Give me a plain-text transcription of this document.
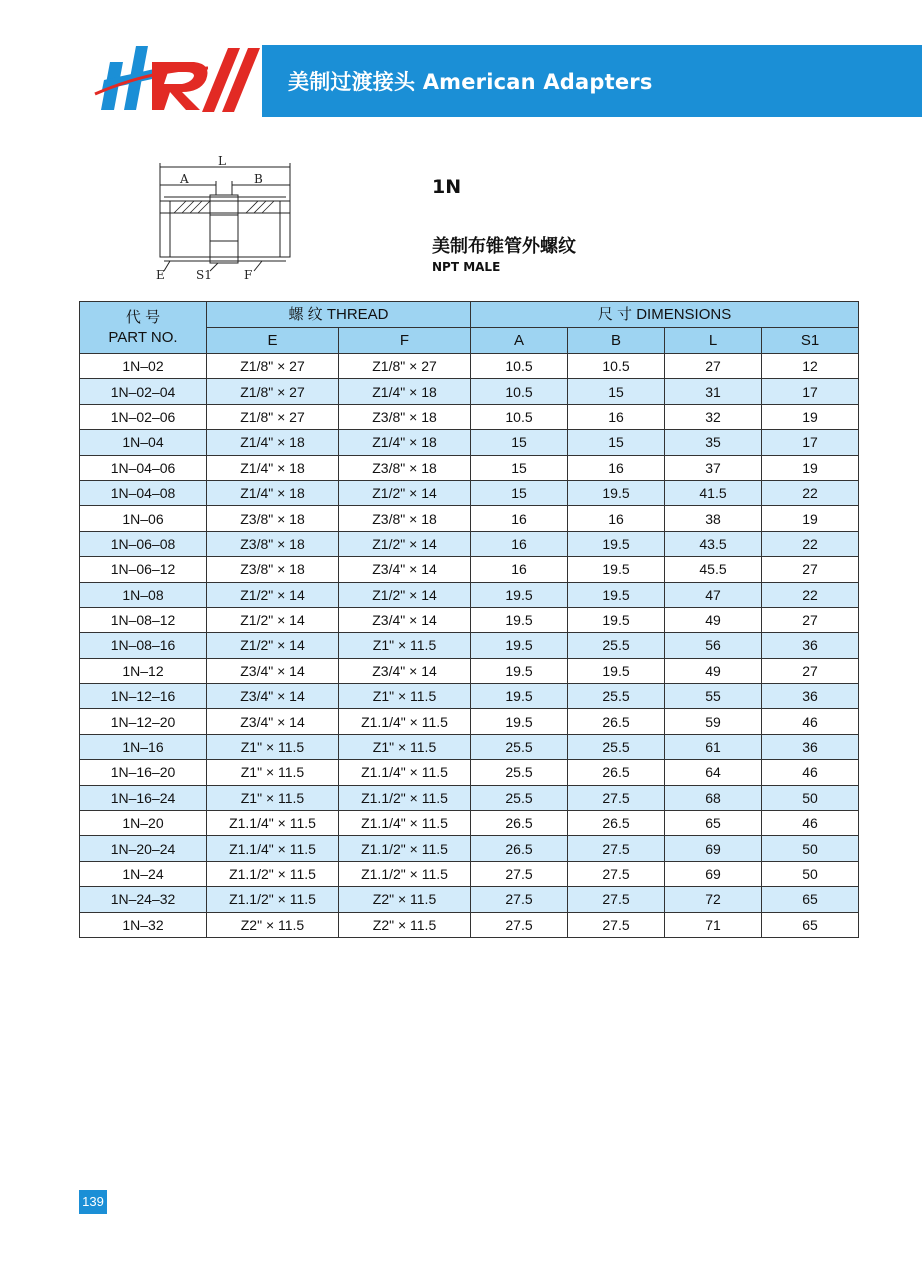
美制过渡接头 American Adapters
L
A	B
E	S1	F
1N
美制布锥管外螺纹
NPT MALE
代 号
PART NO.	螺 纹 THREAD		尺 寸 DIMENSIONS			
	E	F	A	B	L	S1
1N–02	Z1/8" × 27	Z1/8" × 27	10.5	10.5	27	12
1N–02–04	Z1/8" × 27	Z1/4" × 18	10.5	15	31	17
1N–02–06	Z1/8" × 27	Z3/8" × 18	10.5	16	32	19
1N–04	Z1/4" × 18	Z1/4" × 18	15	15	35	17
1N–04–06	Z1/4" × 18	Z3/8" × 18	15	16	37	19
1N–04–08	Z1/4" × 18	Z1/2" × 14	15	19.5	41.5	22
1N–06	Z3/8" × 18	Z3/8" × 18	16	16	38	19
1N–06–08	Z3/8" × 18	Z1/2" × 14	16	19.5	43.5	22
1N–06–12	Z3/8" × 18	Z3/4" × 14	16	19.5	45.5	27
1N–08	Z1/2" × 14	Z1/2" × 14	19.5	19.5	47	22
1N–08–12	Z1/2" × 14	Z3/4" × 14	19.5	19.5	49	27
1N–08–16	Z1/2" × 14	Z1" × 11.5	19.5	25.5	56	36
1N–12	Z3/4" × 14	Z3/4" × 14	19.5	19.5	49	27
1N–12–16	Z3/4" × 14	Z1" × 11.5	19.5	25.5	55	36
1N–12–20	Z3/4" × 14	Z1.1/4" × 11.5	19.5	26.5	59	46
1N–16	Z1" × 11.5	Z1" × 11.5	25.5	25.5	61	36
1N–16–20	Z1" × 11.5	Z1.1/4" × 11.5	25.5	26.5	64	46
1N–16–24	Z1" × 11.5	Z1.1/2" × 11.5	25.5	27.5	68	50
1N–20	Z1.1/4" × 11.5	Z1.1/4" × 11.5	26.5	26.5	65	46
1N–20–24	Z1.1/4" × 11.5	Z1.1/2" × 11.5	26.5	27.5	69	50
1N–24	Z1.1/2" × 11.5	Z1.1/2" × 11.5	27.5	27.5	69	50
1N–24–32	Z1.1/2" × 11.5	Z2" × 11.5	27.5	27.5	72	65
1N–32	Z2" × 11.5	Z2" × 11.5	27.5	27.5	71	65
139
